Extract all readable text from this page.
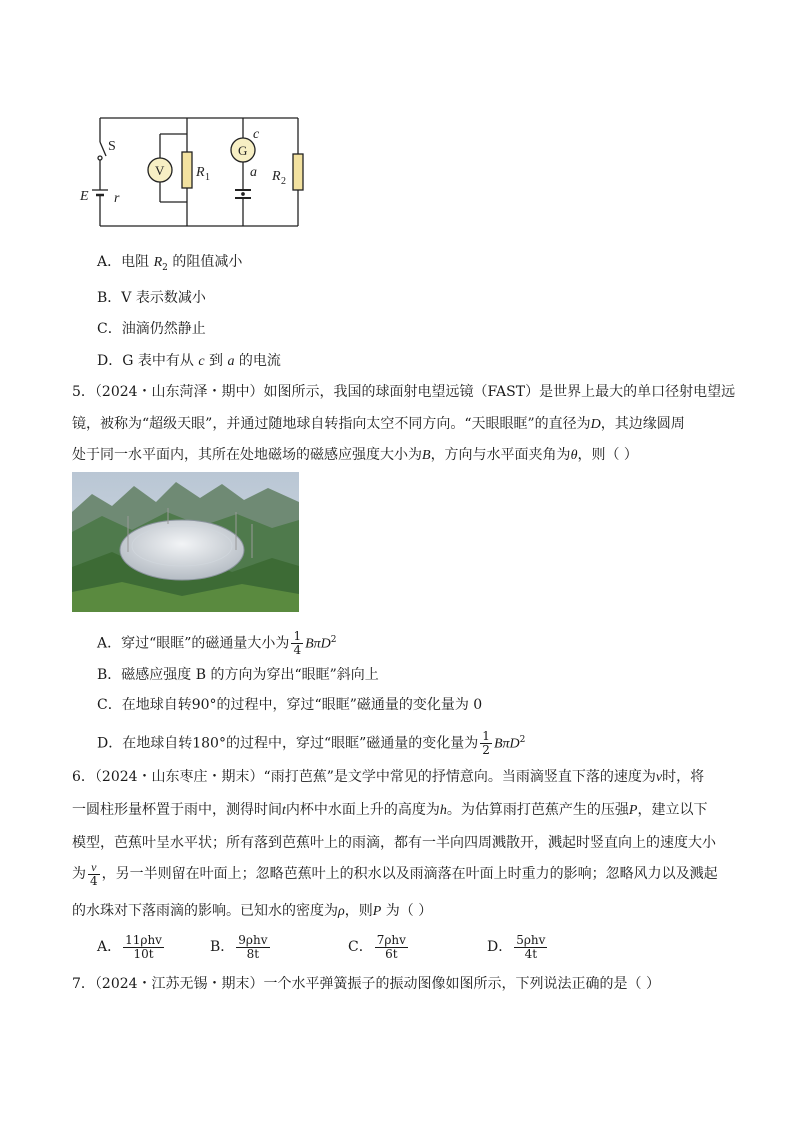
S
E r
V R 1
G
c
a R 2
A．电阻 $R_2$ 的阻值减小
B．V 表示数减小
C．油滴仍然静止
D．G 表中有从 c 到 a 的电流
5．（2024・山东菏泽・期中）如图所示，我国的球面射电望远镜（FAST）是世界上最大的单口径射电望远
镜，被称为“超级天眼”，并通过随地球自转指向太空不同方向。“天眼眼眶”的直径为D，其边缘圆周
处于同一水平面内，其所在处地磁场的磁感应强度大小为B，方向与水平面夹角为θ，则（ ）
A．穿过“眼眶”的磁通量大小为 $\frac{1}{4} B\pi D^2$
B．磁感应强度 B 的方向为穿出“眼眶”斜向上
C．在地球自转90°的过程中，穿过“眼眶”磁通量的变化量为 0
D．在地球自转180°的过程中，穿过“眼眶”磁通量的变化量为 $\frac{1}{2} B\pi D^2$
6．（2024・山东枣庄・期末）“雨打芭蕉”是文学中常见的抒情意向。当雨滴竖直下落的速度为v时，将
一圆柱形量杯置于雨中，测得时间t内杯中水面上升的高度为h。为估算雨打芭蕉产生的压强P，建立以下
模型，芭蕉叶呈水平状；所有落到芭蕉叶上的雨滴，都有一半向四周溅散开，溅起时竖直向上的速度大小
为 $\frac{v}{4}$ ，另一半则留在叶面上；忽略芭蕉叶上的积水以及雨滴落在叶面上时重力的影响；忽略风力以及溅起
的水珠对下落雨滴的影响。已知水的密度为ρ，则P 为（ ）
A． $\frac{\text{11ρhv}}{10t}$	B． $\frac{\text{9ρhv}}{8t}$	C． $\frac{\text{7ρhv}}{6t}$	D． $\frac{\text{5ρhv}}{4t}$
7．（2024・江苏无锡・期末）一个水平弹簧振子的振动图像如图所示，下列说法正确的是（ ）
